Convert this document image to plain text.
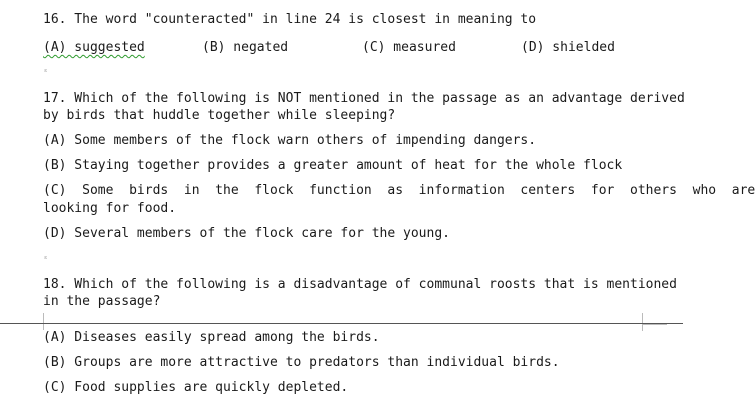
16. The word "counteracted" in line 24 is closest in meaning to
(A) suggested	(B) negated	(C) measured	(D) shielded
ᵋ
17. Which of the following is NOT mentioned in the passage as an advantage derived
by birds that huddle together while sleeping?
(A) Some members of the flock warn others of impending dangers.
(B) Staying together provides a greater amount of heat for the whole flock
(C)  Some  birds  in  the  flock  function  as  information  centers  for  others  who  are
looking for food.
(D) Several members of the flock care for the young.
ᵋ
18. Which of the following is a disadvantage of communal roosts that is mentioned
in the passage?
(A) Diseases easily spread among the birds.
(B) Groups are more attractive to predators than individual birds.
(C) Food supplies are quickly depleted.
